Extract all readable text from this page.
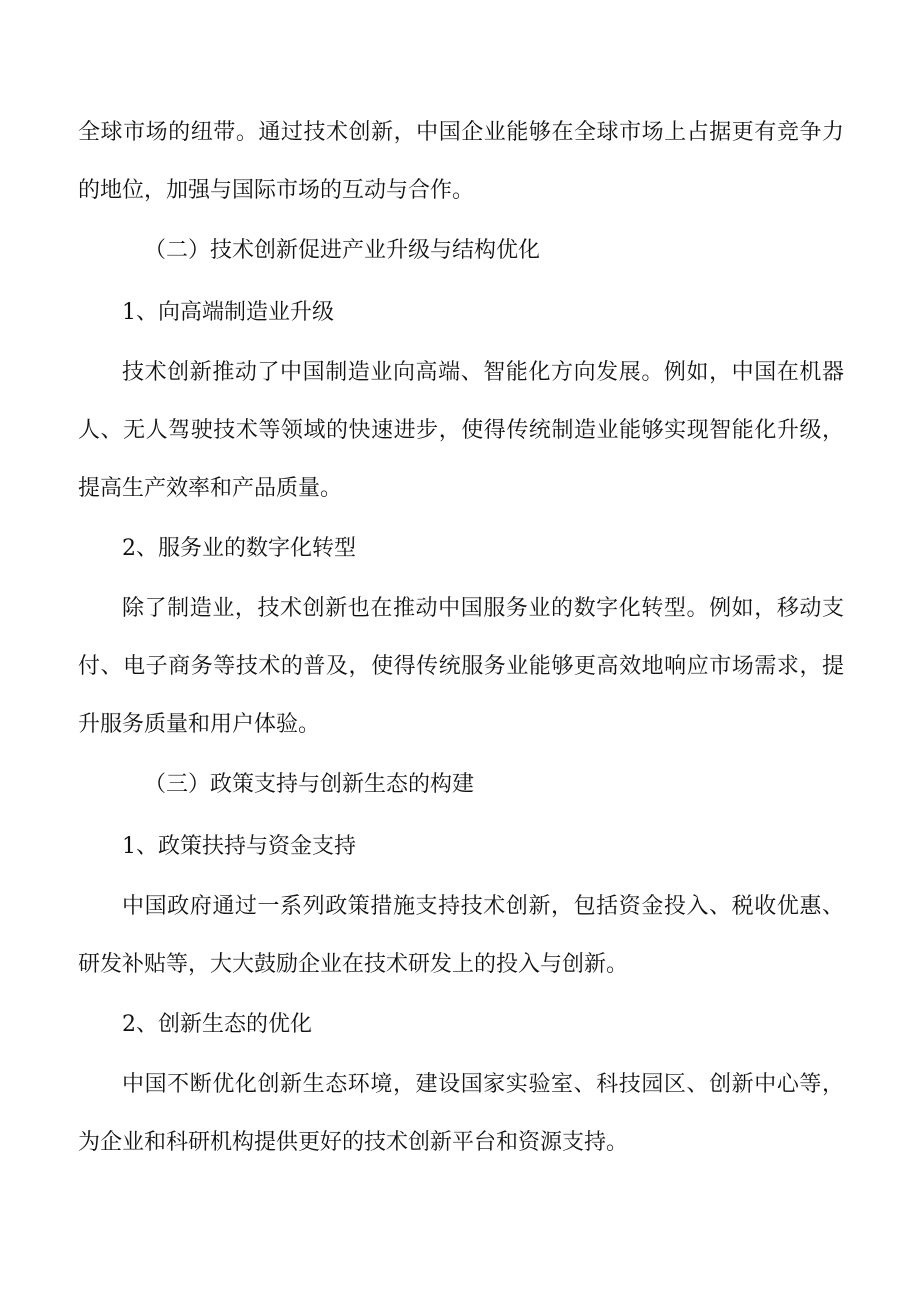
全球市场的纽带。通过技术创新，中国企业能够在全球市场上占据更有竞争力的地位，加强与国际市场的互动与合作。

（二）技术创新促进产业升级与结构优化

1、向高端制造业升级

技术创新推动了中国制造业向高端、智能化方向发展。例如，中国在机器人、无人驾驶技术等领域的快速进步，使得传统制造业能够实现智能化升级，提高生产效率和产品质量。

2、服务业的数字化转型

除了制造业，技术创新也在推动中国服务业的数字化转型。例如，移动支付、电子商务等技术的普及，使得传统服务业能够更高效地响应市场需求，提升服务质量和用户体验。

（三）政策支持与创新生态的构建

1、政策扶持与资金支持

中国政府通过一系列政策措施支持技术创新，包括资金投入、税收优惠、研发补贴等，大大鼓励企业在技术研发上的投入与创新。

2、创新生态的优化

中国不断优化创新生态环境，建设国家实验室、科技园区、创新中心等，为企业和科研机构提供更好的技术创新平台和资源支持。
